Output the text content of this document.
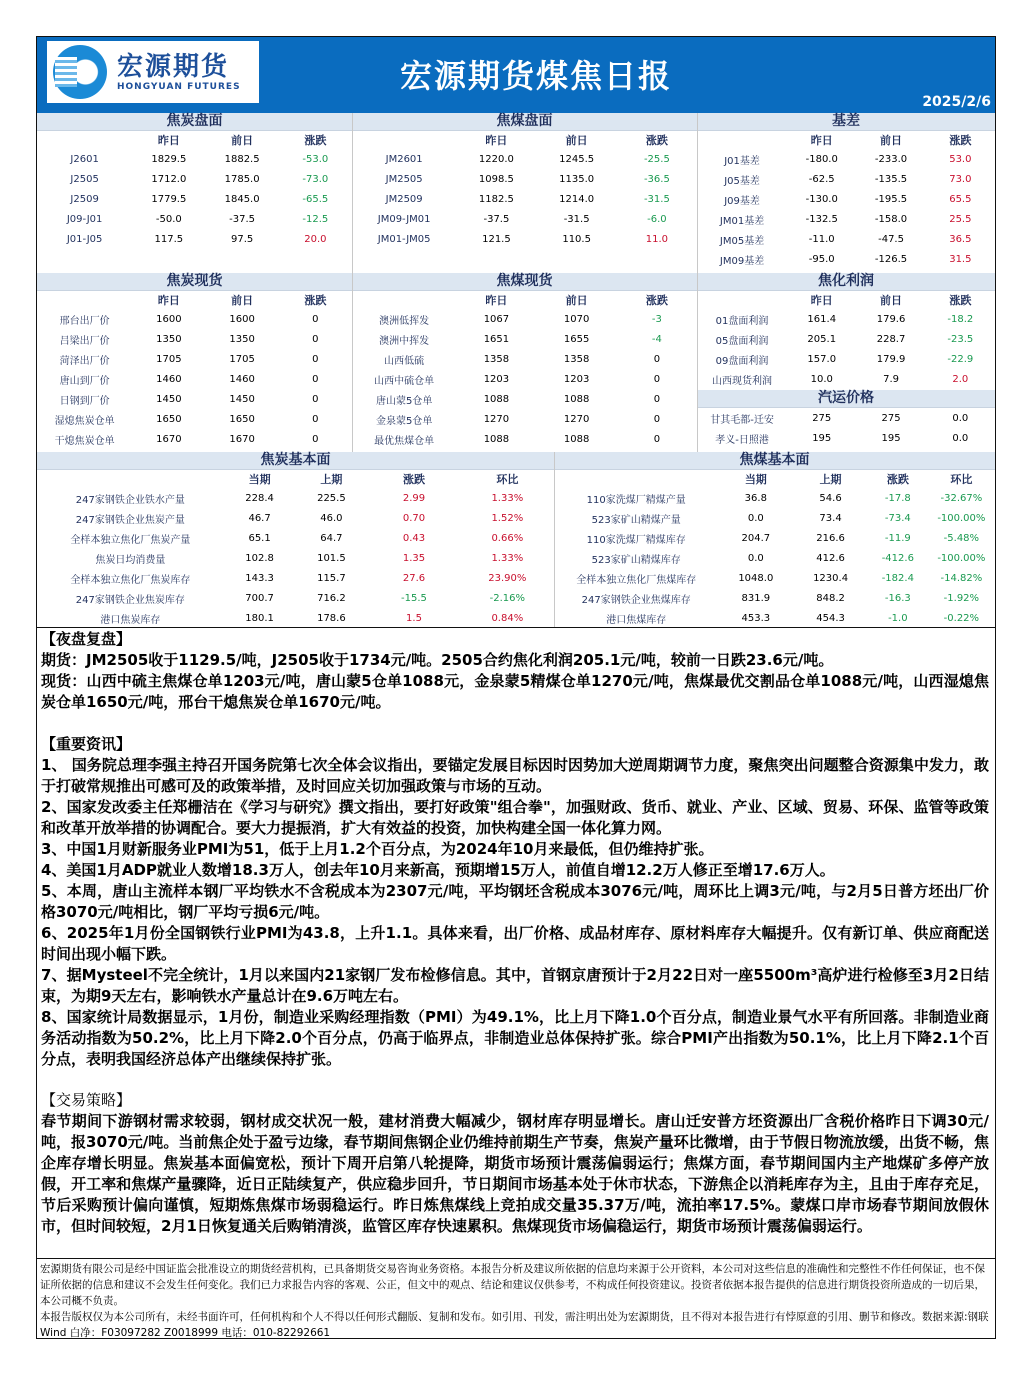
宏源期货
HONGYUAN FUTURES	宏源期货煤焦日报
2025/2/6
焦炭盘面
昨日	前日	涨跌
J2601	1829.5	1882.5	-53.0
J2505	1712.0	1785.0	-73.0
J2509	1779.5	1845.0	-65.5
J09-J01	-50.0	-37.5	-12.5
J01-J05	117.5	97.5	20.0
焦煤盘面
昨日	前日	涨跌
JM2601	1220.0	1245.5	-25.5
JM2505	1098.5	1135.0	-36.5
JM2509	1182.5	1214.0	-31.5
JM09-JM01	-37.5	-31.5	-6.0
JM01-JM05	121.5	110.5	11.0
基差
昨日	前日	涨跌
J01基差	-180.0	-233.0	53.0
J05基差	-62.5	-135.5	73.0
J09基差	-130.0	-195.5	65.5
JM01基差	-132.5	-158.0	25.5
JM05基差	-11.0	-47.5	36.5
JM09基差	-95.0	-126.5	31.5
焦炭现货
昨日	前日	涨跌
邢台出厂价	1600	1600	0
吕梁出厂价	1350	1350	0
菏泽出厂价	1705	1705	0
唐山到厂价	1460	1460	0
日钢到厂价	1450	1450	0
湿熄焦炭仓单	1650	1650	0
干熄焦炭仓单	1670	1670	0
焦煤现货
昨日	前日	涨跌
澳洲低挥发	1067	1070	-3
澳洲中挥发	1651	1655	-4
山西低硫	1358	1358	0
山西中硫仓单	1203	1203	0
唐山蒙5仓单	1088	1088	0
金泉蒙5仓单	1270	1270	0
最优焦煤仓单	1088	1088	0
焦化利润
昨日	前日	涨跌
01盘面利润	161.4	179.6	-18.2
05盘面利润	205.1	228.7	-23.5
09盘面利润	157.0	179.9	-22.9
山西现货利润	10.0	7.9	2.0
汽运价格
甘其毛都-迁安	275	275	0.0
孝义-日照港	195	195	0.0
焦炭基本面
当期	上期	涨跌	环比
247家钢铁企业铁水产量	228.4	225.5	2.99	1.33%
247家钢铁企业焦炭产量	46.7	46.0	0.70	1.52%
全样本独立焦化厂焦炭产量	65.1	64.7	0.43	0.66%
焦炭日均消费量	102.8	101.5	1.35	1.33%
全样本独立焦化厂焦炭库存	143.3	115.7	27.6	23.90%
247家钢铁企业焦炭库存	700.7	716.2	-15.5	-2.16%
港口焦炭库存	180.1	178.6	1.5	0.84%
焦煤基本面
当期	上期	涨跌	环比
110家洗煤厂精煤产量	36.8	54.6	-17.8	-32.67%
523家矿山精煤产量	0.0	73.4	-73.4	-100.00%
110家洗煤厂精煤库存	204.7	216.6	-11.9	-5.48%
523家矿山精煤库存	0.0	412.6	-412.6	-100.00%
全样本独立焦化厂焦煤库存	1048.0	1230.4	-182.4	-14.82%
247家钢铁企业焦煤库存	831.9	848.2	-16.3	-1.92%
港口焦煤库存	453.3	454.3	-1.0	-0.22%

【夜盘复盘】

期货：JM2505收于1129.5/吨，J2505收于1734元/吨。2505合约焦化利润205.1元/吨，较前一日跌23.6元/吨。

现货：山西中硫主焦煤仓单1203元/吨，唐山蒙5仓单1088元，金泉蒙5精煤仓单1270元/吨，焦煤最优交割品仓单1088元/吨，山西湿熄焦炭仓单1650元/吨，邢台干熄焦炭仓单1670元/吨。

【重要资讯】

1、 国务院总理李强主持召开国务院第七次全体会议指出，要锚定发展目标因时因势加大逆周期调节力度，聚焦突出问题整合资源集中发力，敢于打破常规推出可感可及的政策举措，及时回应关切加强政策与市场的互动。

2、国家发改委主任郑栅洁在《学习与研究》撰文指出，要打好政策"组合拳"，加强财政、货币、就业、产业、区域、贸易、环保、监管等政策和改革开放举措的协调配合。要大力提振消，扩大有效益的投资，加快构建全国一体化算力网。

3、中国1月财新服务业PMI为51，低于上月1.2个百分点，为2024年10月来最低，但仍维持扩张。

4、美国1月ADP就业人数增18.3万人，创去年10月来新高，预期增15万人，前值自增12.2万人修正至增17.6万人。

5、本周，唐山主流样本钢厂平均铁水不含税成本为2307元/吨，平均钢坯含税成本3076元/吨，周环比上调3元/吨，与2月5日普方坯出厂价格3070元/吨相比，钢厂平均亏损6元/吨。

6、2025年1月份全国钢铁行业PMI为43.8，上升1.1。具体来看，出厂价格、成品材库存、原材料库存大幅提升。仅有新订单、供应商配送时间出现小幅下跌。

7、据Mysteel不完全统计，1月以来国内21家钢厂发布检修信息。其中，首钢京唐预计于2月22日对一座5500m³高炉进行检修至3月2日结束，为期9天左右，影响铁水产量总计在9.6万吨左右。

8、国家统计局数据显示，1月份，制造业采购经理指数（PMI）为49.1%，比上月下降1.0个百分点，制造业景气水平有所回落。非制造业商务活动指数为50.2%，比上月下降2.0个百分点，仍高于临界点，非制造业总体保持扩张。综合PMI产出指数为50.1%，比上月下降2.1个百分点，表明我国经济总体产出继续保持扩张。

【交易策略】

春节期间下游钢材需求较弱，钢材成交状况一般，建材消费大幅减少，钢材库存明显增长。唐山迁安普方坯资源出厂含税价格昨日下调30元/吨，报3070元/吨。当前焦企处于盈亏边缘，春节期间焦钢企业仍维持前期生产节奏，焦炭产量环比微增，由于节假日物流放缓，出货不畅，焦企库存增长明显。焦炭基本面偏宽松，预计下周开启第八轮提降，期货市场预计震荡偏弱运行；焦煤方面，春节期间国内主产地煤矿多停产放假，开工率和焦煤产量骤降，近日正陆续复产，供应稳步回升，节日期间市场基本处于休市状态，下游焦企以消耗库存为主，且由于库存充足，节后采购预计偏向谨慎，短期炼焦煤市场弱稳运行。昨日炼焦煤线上竞拍成交量35.37万/吨，流拍率17.5%。蒙煤口岸市场春节期间放假休市，但时间较短，2月1日恢复通关后购销清淡，监管区库存快速累积。焦煤现货市场偏稳运行，期货市场预计震荡偏弱运行。

宏源期货有限公司是经中国证监会批准设立的期货经营机构，已具备期货交易咨询业务资格。本报告分析及建议所依据的信息均来源于公开资料，本公司对这些信息的准确性和完整性不作任何保证，也不保证所依据的信息和建议不会发生任何变化。我们已力求报告内容的客观、公正，但文中的观点、结论和建议仅供参考，不构成任何投资建议。投资者依据本报告提供的信息进行期货投资所造成的一切后果，本公司概不负责。

本报告版权仅为本公司所有，未经书面许可，任何机构和个人不得以任何形式翻版、复制和发布。如引用、刊发，需注明出处为宏源期货，且不得对本报告进行有悖原意的引用、删节和修改。数据来源:钢联 Wind 白净：F03097282 Z0018999 电话：010-82292661
